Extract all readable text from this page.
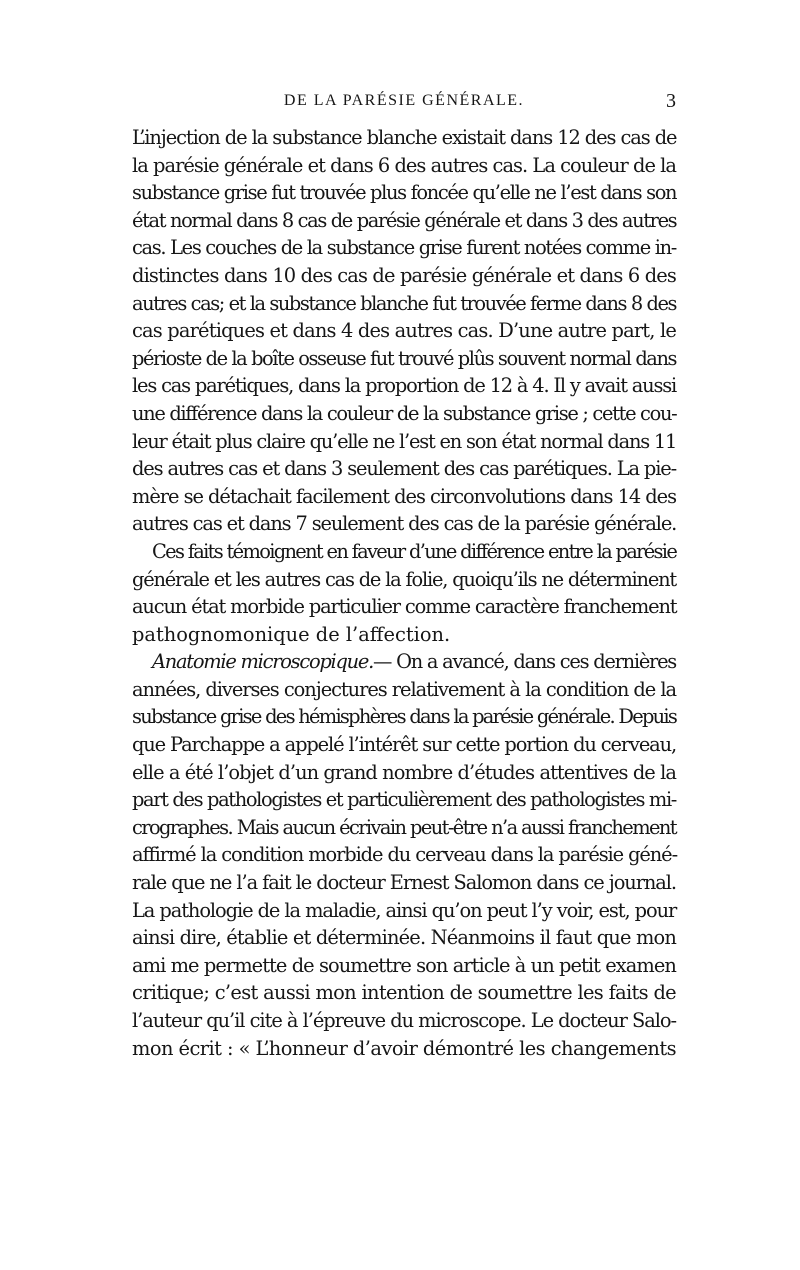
DE LA PARÉSIE GÉNÉRALE.	3
L’injection de la substance blanche existait dans 12 des cas de
la parésie générale et dans 6 des autres cas. La couleur de la
substance grise fut trouvée plus foncée qu’elle ne l’est dans son
état normal dans 8 cas de parésie générale et dans 3 des autres
cas. Les couches de la substance grise furent notées comme in-
distinctes dans 10 des cas de parésie générale et dans 6 des
autres cas; et la substance blanche fut trouvée ferme dans 8 des
cas parétiques et dans 4 des autres cas. D’une autre part, le
périoste de la boîte osseuse fut trouvé plûs souvent normal dans
les cas parétiques, dans la proportion de 12 à 4. Il y avait aussi
une différence dans la couleur de la substance grise ; cette cou-
leur était plus claire qu’elle ne l’est en son état normal dans 11
des autres cas et dans 3 seulement des cas parétiques. La pie-
mère se détachait facilement des circonvolutions dans 14 des
autres cas et dans 7 seulement des cas de la parésie générale.
Ces faits témoignent en faveur d’une différence entre la parésie
générale et les autres cas de la folie, quoiqu’ils ne déterminent
aucun état morbide particulier comme caractère franchement
pathognomonique de l’affection.
Anatomie microscopique.— On a avancé, dans ces dernières
années, diverses conjectures relativement à la condition de la
substance grise des hémisphères dans la parésie générale. Depuis
que Parchappe a appelé l’intérêt sur cette portion du cerveau,
elle a été l’objet d’un grand nombre d’études attentives de la
part des pathologistes et particulièrement des pathologistes mi-
crographes. Mais aucun écrivain peut-être n’a aussi franchement
affirmé la condition morbide du cerveau dans la parésie géné-
rale que ne l’a fait le docteur Ernest Salomon dans ce journal.
La pathologie de la maladie, ainsi qu’on peut l’y voir, est, pour
ainsi dire, établie et déterminée. Néanmoins il faut que mon
ami me permette de soumettre son article à un petit examen
critique; c’est aussi mon intention de soumettre les faits de
l’auteur qu’il cite à l’épreuve du microscope. Le docteur Salo-
mon écrit : « L’honneur d’avoir démontré les changements
